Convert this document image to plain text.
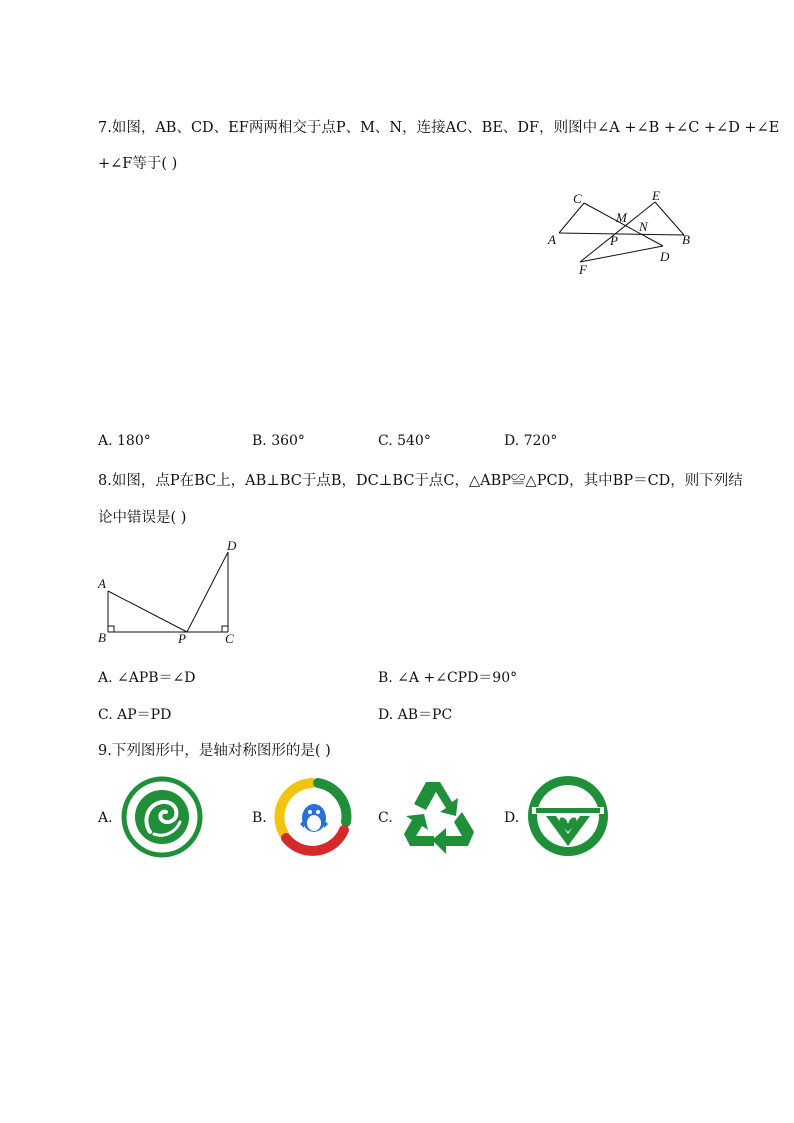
7.如图，AB、CD、EF两两相交于点P、M、N，连接AC、BE、DF，则图中∠A +∠B +∠C +∠D +∠E
+∠F等于( )
C	E
M
N
A	P	B
D
F
A. 180°	B. 360°	C. 540°	D. 720°
8.如图，点P在BC上，AB⊥BC于点B，DC⊥BC于点C，△ABP≌△PCD，其中BP＝CD，则下列结
论中错误是( )
D
A
B	P	C
A. ∠APB＝∠D	B. ∠A +∠CPD＝90°
C. AP＝PD	D. AB＝PC
9.下列图形中，是轴对称图形的是( )
A.	B.	C.	D.
